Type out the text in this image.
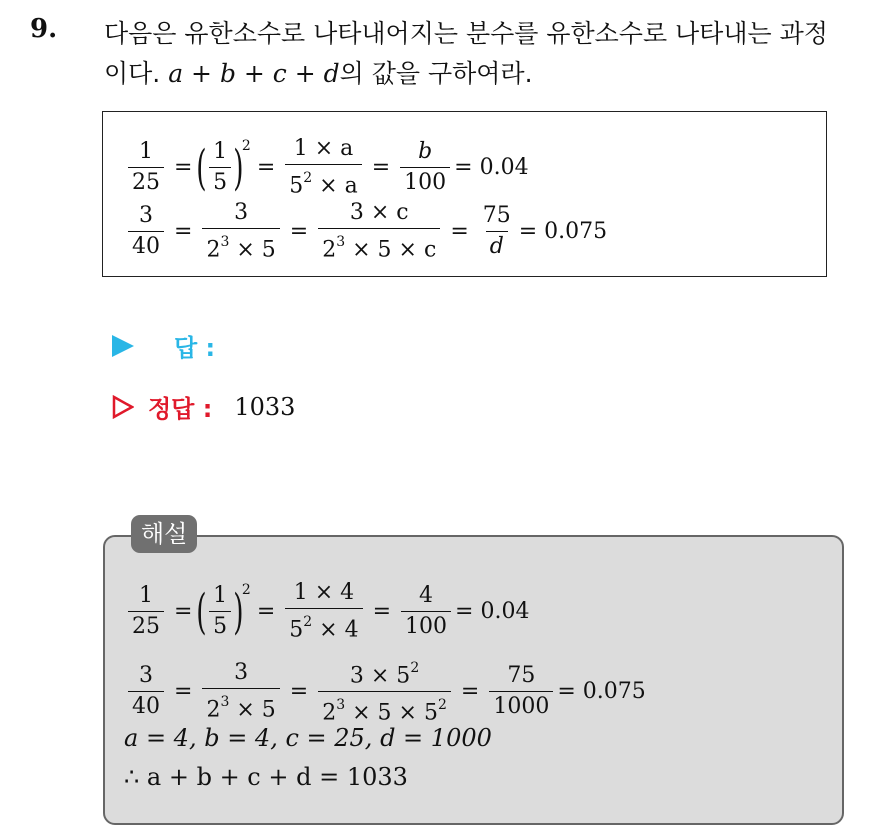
9. 다음은 유한소수로 나타내어지는 분수를 유한소수로 나타내는 과정
이다. a + b + c + d의 값을 구하여라.
$\frac{1}{25}$ = ( $\frac{1}{5}$ )
$^2$
= $\frac{1 \times a}{5^2 \times a} = \frac{b}{100} = 0.04$
$\frac{3}{40} = \frac{3}{2^3 \times 5} = \frac{3 \times c}{2^3 \times 5 \times c} = \frac{75}{d} = 0.075$
답 :
정답 : 1033
해설
$\frac{1}{25}$ = ( $\frac{1}{5}$ )
$^2$
= $\frac{1 \times 4}{5^2 \times 4} = \frac{4}{100} = 0.04$
$\frac{3}{40} = \frac{3}{2^3 \times 5} = \frac{3 \times 5^2}{2^3 \times 5 \times 5^2} = \frac{75}{1000} = 0.075$
a = 4, b = 4, c = 25, d = 1000
∴ a + b + c + d = 1033
